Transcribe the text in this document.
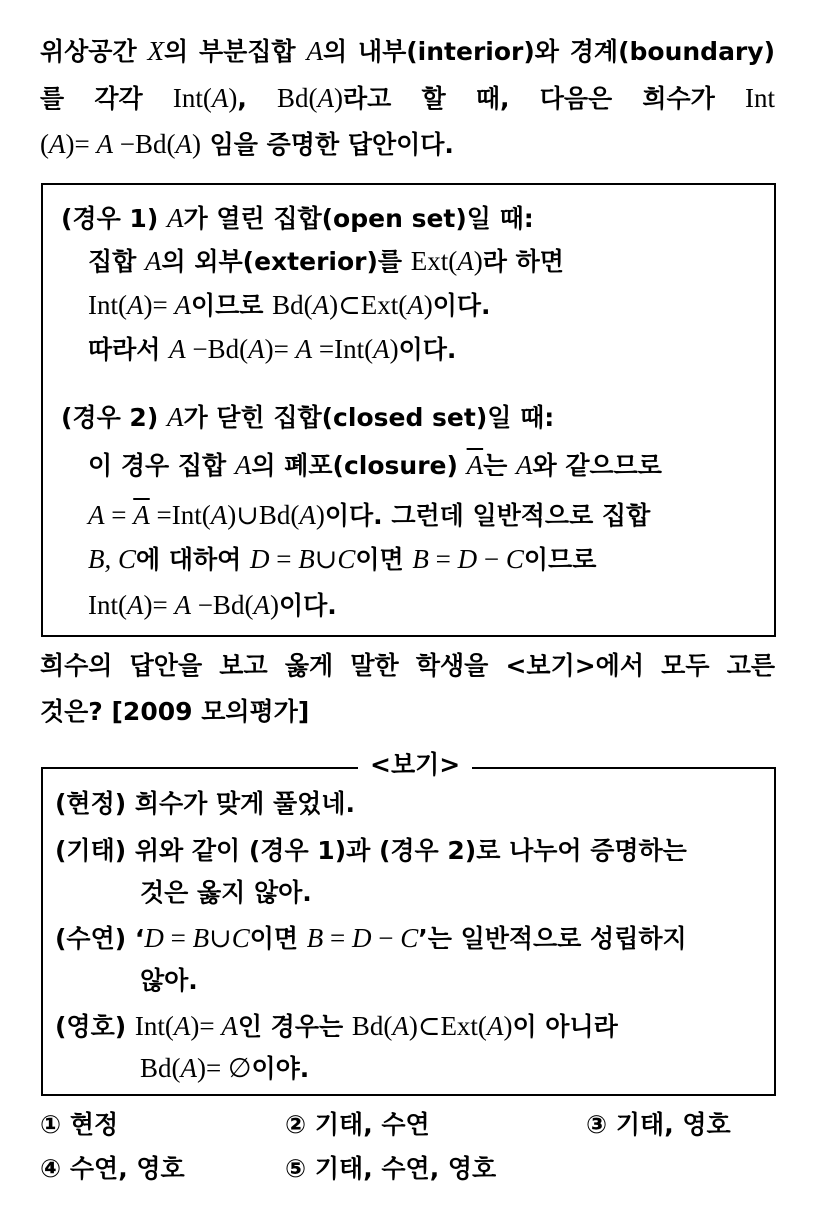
위상공간 X의 부분집합 A의 내부(interior)와 경계(boundary)
를 각각 Int(A), Bd(A)라고 할 때, 다음은 희수가 Int
(A)= A −Bd(A) 임을 증명한 답안이다.
(경우 1) A가 열린 집합(open set)일 때:
집합 A의 외부(exterior)를 Ext(A)라 하면
Int(A)= A이므로 Bd(A)⊂Ext(A)이다.
따라서 A −Bd(A)= A =Int(A)이다.
(경우 2) A가 닫힌 집합(closed set)일 때:
이 경우 집합 A의 폐포(closure) $\overline{A}$는 A와 같으므로
$A = \overline{A}$ =Int(A)∪Bd(A)이다. 그런데 일반적으로 집합
B, C에 대하여 D = B∪C이면 B = D − C이므로
Int(A)= A −Bd(A)이다.
희수의 답안을 보고 옳게 말한 학생을 <보기>에서 모두 고른
것은? [2009 모의평가]
<보기>
(현정) 희수가 맞게 풀었네.
(기태) 위와 같이 (경우 1)과 (경우 2)로 나누어 증명하는
것은 옳지 않아.
(수연) ‘D = B∪C이면 B = D − C’는 일반적으로 성립하지
않아.
(영호) Int(A)= A인 경우는 Bd(A)⊂Ext(A)이 아니라
Bd(A)= ∅이야.
① 현정	② 기태, 수연	③ 기태, 영호
④ 수연, 영호	⑤ 기태, 수연, 영호
